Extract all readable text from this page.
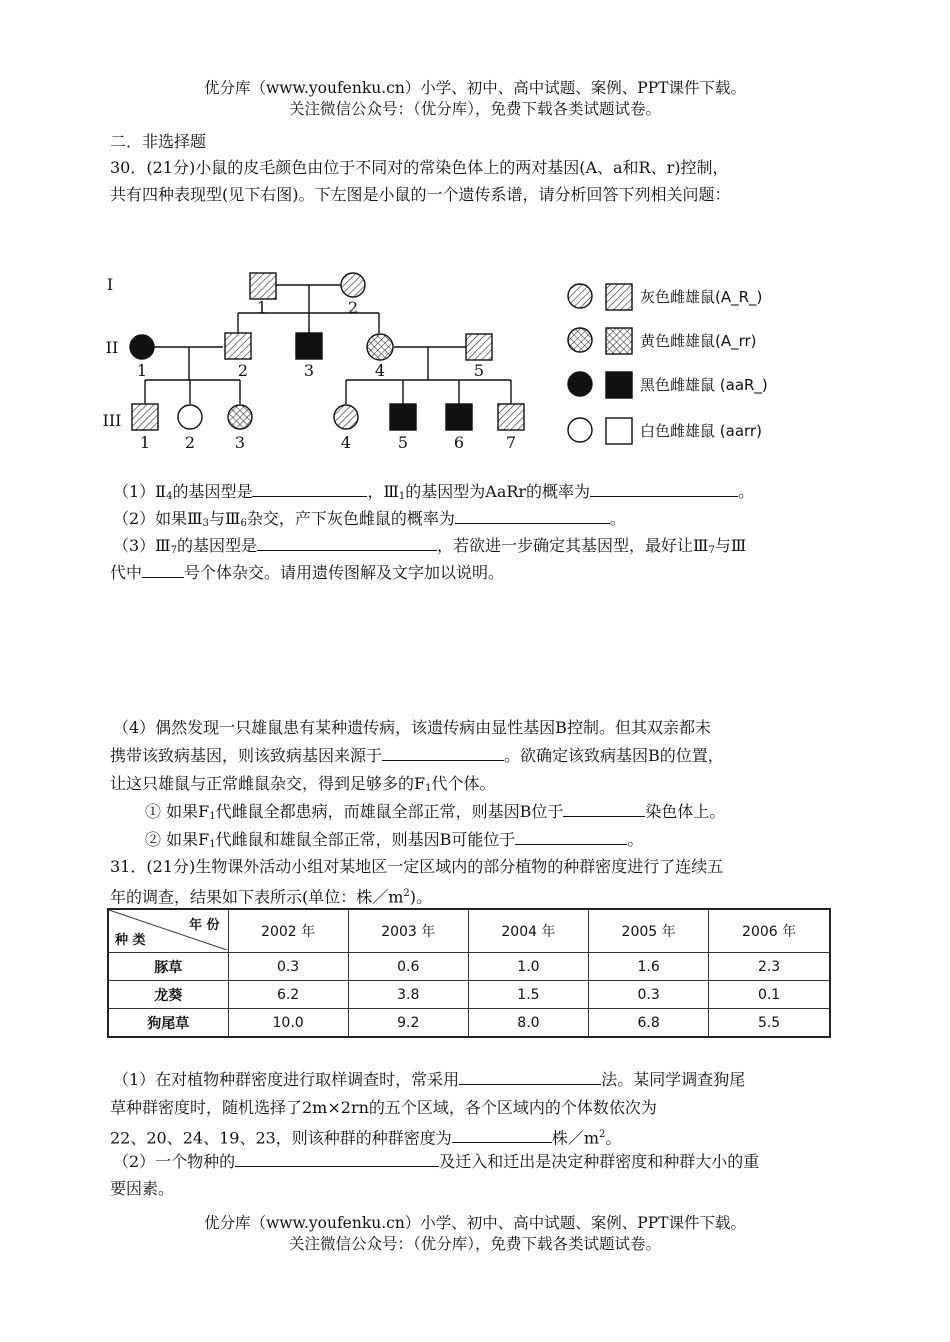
优分库（www.youfenku.cn）小学、初中、高中试题、案例、PPT课件下载。
关注微信公众号：（优分库），免费下载各类试题试卷。
二．非选择题
30．(21分)小鼠的皮毛颜色由位于不同对的常染色体上的两对基因(A、a和R、r)控制，
共有四种表现型(见下右图)。下左图是小鼠的一个遗传系谱，请分析回答下列相关问题：
I
II
III
1	2
1	2	3	4	5
1 2 3	4	5	6	7
灰色雌雄鼠(A_R_)
黄色雌雄鼠(A_rr)
黑色雌雄鼠 (aaR_)
白色雌雄鼠 (aarr)
$(1)Ⅱ_4$的基因型是	，$Ⅲ_1$的基因型为AaRr的概率为	。
（2）如果$Ⅲ_3$与$Ⅲ_6$杂交，产下灰色雌鼠的概率为	。
$(3)Ⅲ_7$的基因型是	，若欲进一步确定其基因型，最好让$Ⅲ_7$与Ⅲ
代中	号个体杂交。请用遗传图解及文字加以说明。
（4）偶然发现一只雄鼠患有某种遗传病，该遗传病由显性基因B控制。但其双亲都未
携带该致病基因，则该致病基因来源于	。欲确定该致病基因B的位置，
让这只雄鼠与正常雌鼠杂交，得到足够多的$F_1$代个体。
① 如果$F_1$代雌鼠全都患病，而雄鼠全部正常，则基因B位于	染色体上。
② 如果$F_1$代雌鼠和雄鼠全部正常，则基因B可能位于	。
31．(21分)生物课外活动小组对某地区一定区域内的部分植物的种群密度进行了连续五
年的调查，结果如下表所示(单位：株$/m^2$)。
年 份
种 类	2002 年	2003 年	2004 年	2005 年	2006 年
豚草	0.3	0.6	1.0	1.6	2.3
龙葵	6.2	3.8	1.5	0.3	0.1
狗尾草	10.0	9.2	8.0	6.8	5.5
（1）在对植物种群密度进行取样调查时，常采用	法。某同学调查狗尾
草种群密度时，随机选择了2m×2rn的五个区域，各个区域内的个体数依次为
22、20、24、19、23，则该种群的种群密度为	株$/m^2$。
（2）一个物种的	及迁入和迁出是决定种群密度和种群大小的重
要因素。
优分库（www.youfenku.cn）小学、初中、高中试题、案例、PPT课件下载。
关注微信公众号：（优分库），免费下载各类试题试卷。
